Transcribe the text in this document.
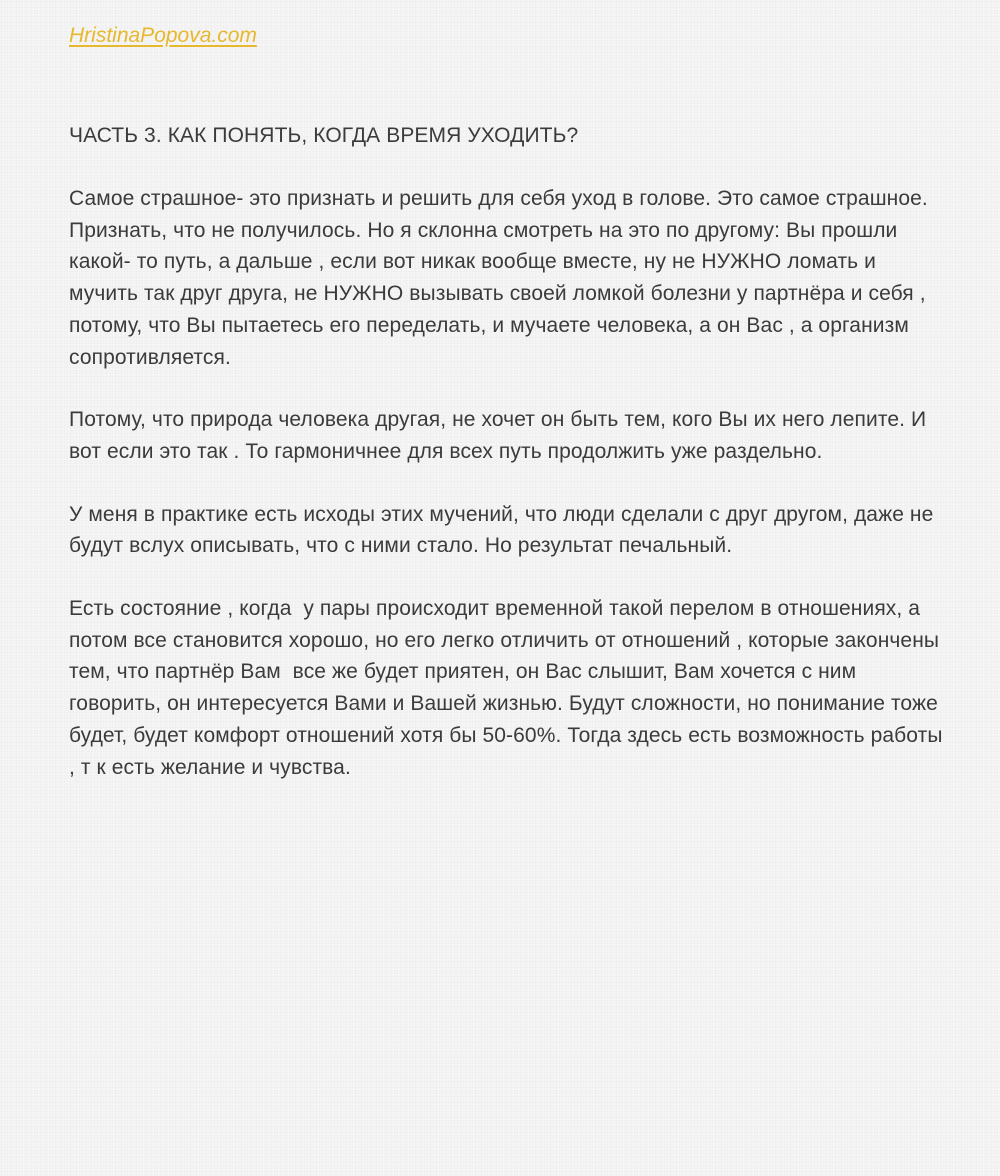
HristinaPopova.com
ЧАСТЬ 3. КАК ПОНЯТЬ, КОГДА ВРЕМЯ УХОДИТЬ?

Самое страшное- это признать и решить для себя уход в голове. Это самое страшное. Признать, что не получилось. Но я склонна смотреть на это по другому: Вы прошли какой- то путь, а дальше , если вот никак вообще вместе, ну не НУЖНО ломать и мучить так друг друга, не НУЖНО вызывать своей ломкой болезни у партнёра и себя , потому, что Вы пытаетесь его переделать, и мучаете человека, а он Вас , а организм сопротивляется.

Потому, что природа человека другая, не хочет он быть тем, кого Вы их него лепите. И вот если это так . То гармоничнее для всех путь продолжить уже раздельно.

У меня в практике есть исходы этих мучений, что люди сделали с друг другом, даже не будут вслух описывать, что с ними стало. Но результат печальный.

Есть состояние , когда  у пары происходит временной такой перелом в отношениях, а потом все становится хорошо, но его легко отличить от отношений , которые закончены  тем, что партнёр Вам  все же будет приятен, он Вас слышит, Вам хочется с ним говорить, он интересуется Вами и Вашей жизнью. Будут сложности, но понимание тоже будет, будет комфорт отношений хотя бы 50-60%. Тогда здесь есть возможность работы , т к есть желание и чувства.
